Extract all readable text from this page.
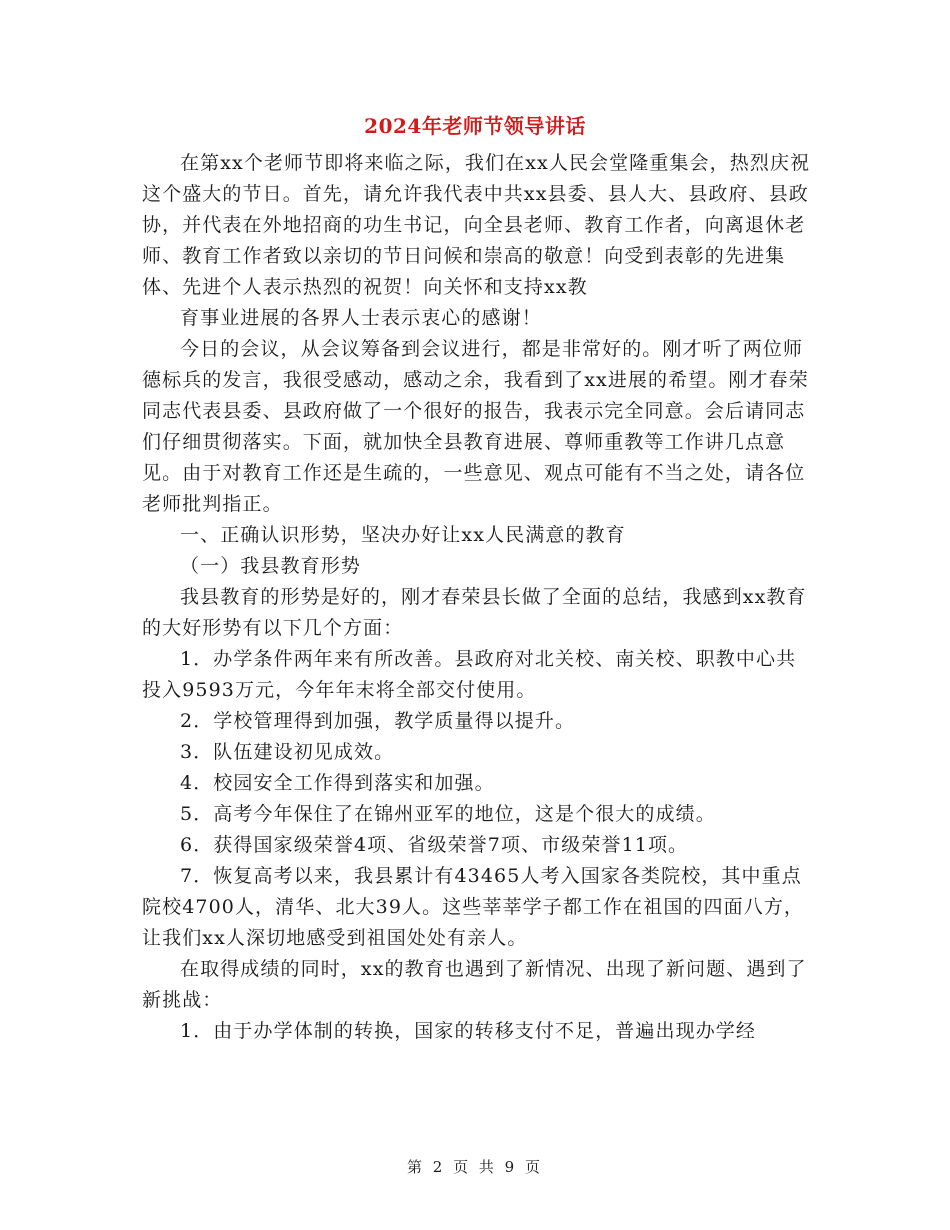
2024年老师节领导讲话

在第xx个老师节即将来临之际，我们在xx人民会堂隆重集会，热烈庆祝这个盛大的节日。首先，请允许我代表中共xx县委、县人大、县政府、县政协，并代表在外地招商的功生书记，向全县老师、教育工作者，向离退休老师、教育工作者致以亲切的节日问候和崇高的敬意！向受到表彰的先进集体、先进个人表示热烈的祝贺！向关怀和支持xx教

育事业进展的各界人士表示衷心的感谢！

今日的会议，从会议筹备到会议进行，都是非常好的。刚才听了两位师德标兵的发言，我很受感动，感动之余，我看到了xx进展的希望。刚才春荣同志代表县委、县政府做了一个很好的报告，我表示完全同意。会后请同志们仔细贯彻落实。下面，就加快全县教育进展、尊师重教等工作讲几点意见。由于对教育工作还是生疏的，一些意见、观点可能有不当之处，请各位老师批判指正。

一、正确认识形势，坚决办好让xx人民满意的教育

（一）我县教育形势

我县教育的形势是好的，刚才春荣县长做了全面的总结，我感到xx教育的大好形势有以下几个方面：

1．办学条件两年来有所改善。县政府对北关校、南关校、职教中心共投入9593万元，今年年末将全部交付使用。

2．学校管理得到加强，教学质量得以提升。

3．队伍建设初见成效。

4．校园安全工作得到落实和加强。

5．高考今年保住了在锦州亚军的地位，这是个很大的成绩。

6．获得国家级荣誉4项、省级荣誉7项、市级荣誉11项。

7．恢复高考以来，我县累计有43465人考入国家各类院校，其中重点院校4700人，清华、北大39人。这些莘莘学子都工作在祖国的四面八方，让我们xx人深切地感受到祖国处处有亲人。

在取得成绩的同时，xx的教育也遇到了新情况、出现了新问题、遇到了新挑战：

1．由于办学体制的转换，国家的转移支付不足，普遍出现办学经

第 2 页 共 9 页
